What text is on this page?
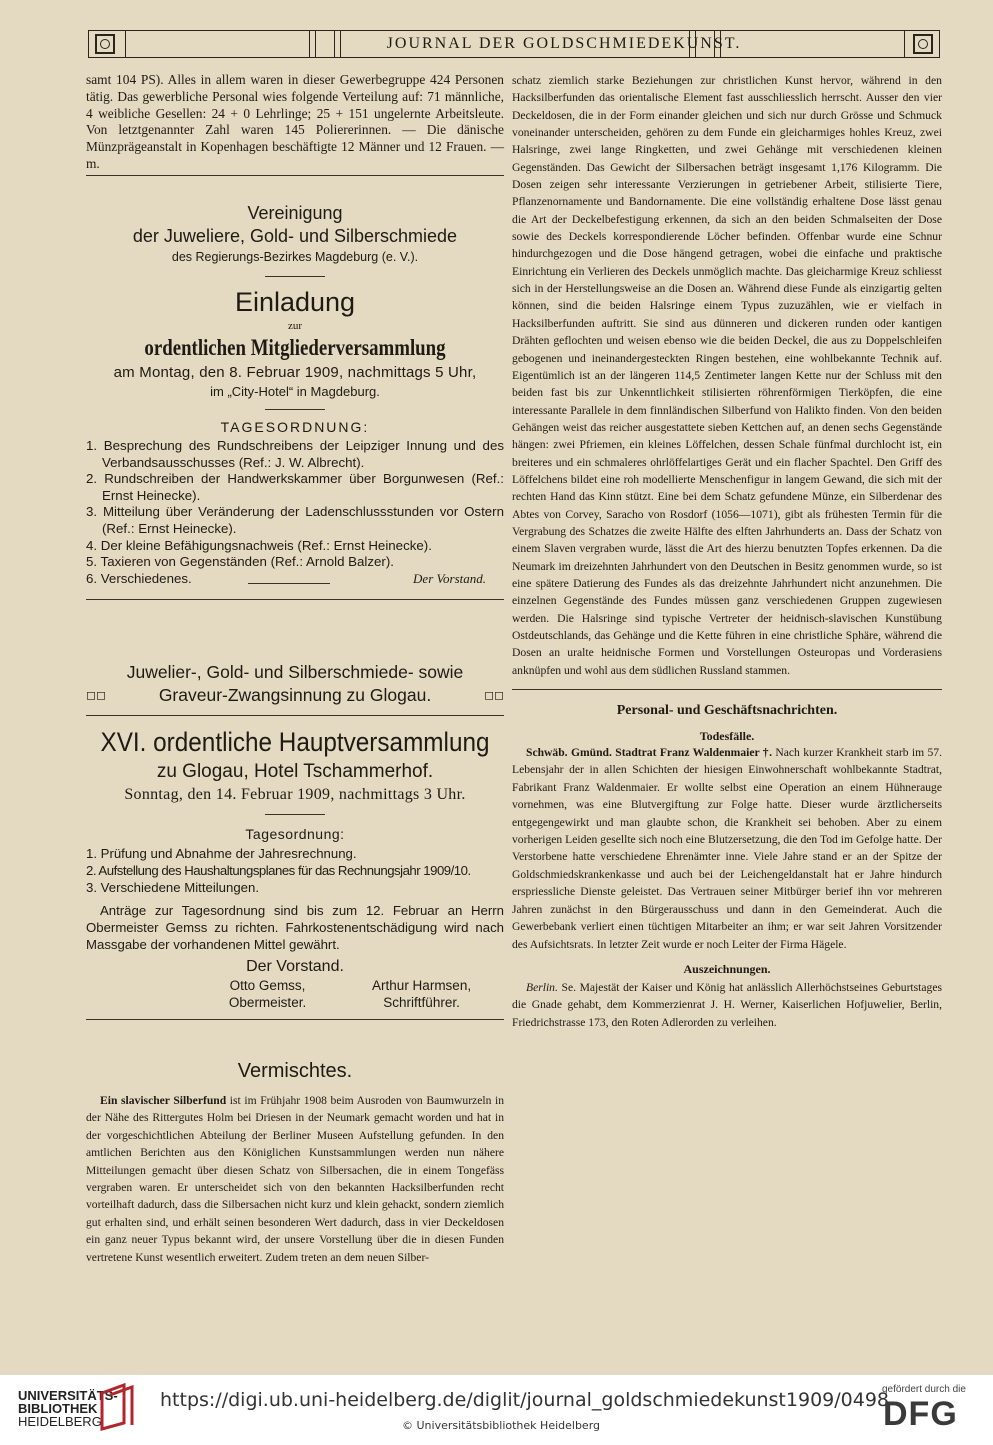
JOURNAL DER GOLDSCHMIEDEKUNST.

samt 104 PS). Alles in allem waren in dieser Gewerbegruppe 424 Personen tätig. Das gewerbliche Personal wies folgende Verteilung auf: 71 männliche, 4 weibliche Gesellen: 24 + 0 Lehrlinge; 25 + 151 ungelernte Arbeitsleute. Von letztgenannter Zahl waren 145 Poliererinnen. — Die dänische Münzprägeanstalt in Kopenhagen beschäftigte 12 Männer und 12 Frauen. —m.

Vereinigung
der Juweliere, Gold- und Silberschmiede
des Regierungs-Bezirkes Magdeburg (e. V.).
Einladung
zur
ordentlichen Mitgliederversammlung
am Montag, den 8. Februar 1909, nachmittags 5 Uhr,
im „City-Hotel“ in Magdeburg.
TAGESORDNUNG:
1. Besprechung des Rundschreibens der Leipziger Innung und des Verbandsausschusses (Ref.: J. W. Albrecht).
2. Rundschreiben der Handwerkskammer über Borgunwesen (Ref.: Ernst Heinecke).
3. Mitteilung über Veränderung der Ladenschlussstunden vor Ostern (Ref.: Ernst Heinecke).
4. Der kleine Befähigungsnachweis (Ref.: Ernst Heinecke).
5. Taxieren von Gegenständen (Ref.: Arnold Balzer).
6. Verschiedenes.	Der Vorstand.
Juwelier-, Gold- und Silberschmiede- sowie
◻◻	Graveur-Zwangsinnung zu Glogau.	◻◻
XVI. ordentliche Hauptversammlung
zu Glogau, Hotel Tschammerhof.
Sonntag, den 14. Februar 1909, nachmittags 3 Uhr.
Tagesordnung:
1. Prüfung und Abnahme der Jahresrechnung.
2. Aufstellung des Haushaltungsplanes für das Rechnungsjahr 1909/10.
3. Verschiedene Mitteilungen.

Anträge zur Tagesordnung sind bis zum 12. Februar an Herrn Obermeister Gemss zu richten. Fahrkostenentschädigung wird nach Massgabe der vorhandenen Mittel gewährt.

Der Vorstand.
Otto Gemss,
Obermeister.
Arthur Harmsen,
Schriftführer.
Vermischtes.

Ein slavischer Silberfund ist im Frühjahr 1908 beim Ausroden von Baumwurzeln in der Nähe des Rittergutes Holm bei Driesen in der Neumark gemacht worden und hat in der vorgeschichtlichen Abteilung der Berliner Museen Aufstellung gefunden. In den amtlichen Berichten aus den Königlichen Kunstsammlungen werden nun nähere Mitteilungen gemacht über diesen Schatz von Silbersachen, die in einem Tongefäss vergraben waren. Er unterscheidet sich von den bekannten Hacksilberfunden recht vorteilhaft dadurch, dass die Silbersachen nicht kurz und klein gehackt, sondern ziemlich gut erhalten sind, und erhält seinen besonderen Wert dadurch, dass in vier Deckeldosen ein ganz neuer Typus bekannt wird, der unsere Vorstellung über die in diesen Funden vertretene Kunst wesentlich erweitert. Zudem treten an dem neuen Silber-

schatz ziemlich starke Beziehungen zur christlichen Kunst hervor, während in den Hacksilberfunden das orientalische Element fast ausschliesslich herrscht. Ausser den vier Deckeldosen, die in der Form einander gleichen und sich nur durch Grösse und Schmuck voneinander unterscheiden, gehören zu dem Funde ein gleicharmiges hohles Kreuz, zwei Halsringe, zwei lange Ringketten, und zwei Gehänge mit verschiedenen kleinen Gegenständen. Das Gewicht der Silbersachen beträgt insgesamt 1,176 Kilogramm. Die Dosen zeigen sehr interessante Verzierungen in getriebener Arbeit, stilisierte Tiere, Pflanzenornamente und Bandornamente. Die eine vollständig erhaltene Dose lässt genau die Art der Deckelbefestigung erkennen, da sich an den beiden Schmalseiten der Dose sowie des Deckels korrespondierende Löcher befinden. Offenbar wurde eine Schnur hindurchgezogen und die Dose hängend getragen, wobei die einfache und praktische Einrichtung ein Verlieren des Deckels unmöglich machte. Das gleicharmige Kreuz schliesst sich in der Herstellungsweise an die Dosen an. Während diese Funde als einzigartig gelten können, sind die beiden Halsringe einem Typus zuzuzählen, wie er vielfach in Hacksilberfunden auftritt. Sie sind aus dünneren und dickeren runden oder kantigen Drähten geflochten und weisen ebenso wie die beiden Deckel, die aus zu Doppelschleifen gebogenen und ineinandergesteckten Ringen bestehen, eine wohlbekannte Technik auf. Eigentümlich ist an der längeren 114,5 Zentimeter langen Kette nur der Schluss mit den beiden fast bis zur Unkenntlichkeit stilisierten röhrenförmigen Tierköpfen, die eine interessante Parallele in dem finnländischen Silberfund von Halikto finden. Von den beiden Gehängen weist das reicher ausgestattete sieben Kettchen auf, an denen sechs Gegenstände hängen: zwei Pfriemen, ein kleines Löffelchen, dessen Schale fünfmal durchlocht ist, ein breiteres und ein schmaleres ohrlöffelartiges Gerät und ein flacher Spachtel. Den Griff des Löffelchens bildet eine roh modellierte Menschenfigur in langem Gewand, die sich mit der rechten Hand das Kinn stützt. Eine bei dem Schatz gefundene Münze, ein Silberdenar des Abtes von Corvey, Saracho von Rosdorf (1056—1071), gibt als frühesten Termin für die Vergrabung des Schatzes die zweite Hälfte des elften Jahrhunderts an. Dass der Schatz von einem Slaven vergraben wurde, lässt die Art des hierzu benutzten Topfes erkennen. Da die Neumark im dreizehnten Jahrhundert von den Deutschen in Besitz genommen wurde, so ist eine spätere Datierung des Fundes als das dreizehnte Jahrhundert nicht anzunehmen. Die einzelnen Gegenstände des Fundes müssen ganz verschiedenen Gruppen zugewiesen werden. Die Halsringe sind typische Vertreter der heidnisch-slavischen Kunstübung Ostdeutschlands, das Gehänge und die Kette führen in eine christliche Sphäre, während die Dosen an uralte heidnische Formen und Vorstellungen Osteuropas und Vorderasiens anknüpfen und wohl aus dem südlichen Russland stammen.

Personal- und Geschäftsnachrichten.
Todesfälle.

Schwäb. Gmünd. Stadtrat Franz Waldenmaier †. Nach kurzer Krankheit starb im 57. Lebensjahr der in allen Schichten der hiesigen Einwohnerschaft wohlbekannte Stadtrat, Fabrikant Franz Waldenmaier. Er wollte selbst eine Operation an einem Hühneraugе vornehmen, was eine Blutvergiftung zur Folge hatte. Dieser wurde ärztlicherseits entgegengewirkt und man glaubte schon, die Krankheit sei behoben. Aber zu einem vorherigen Leiden gesellte sich noch eine Blutzersetzung, die den Tod im Gefolge hatte. Der Verstorbene hatte verschiedene Ehrenämter inne. Viele Jahre stand er an der Spitze der Goldschmiedskrankenkasse und auch bei der Leichengeldanstalt hat er Jahre hindurch erspriessliche Dienste geleistet. Das Vertrauen seiner Mitbürger berief ihn vor mehreren Jahren zunächst in den Bürgerausschuss und dann in den Gemeinderat. Auch die Gewerbebank verliert einen tüchtigen Mitarbeiter an ihm; er war seit Jahren Vorsitzender des Aufsichtsrats. In letzter Zeit wurde er noch Leiter der Firma Hägele.

Auszeichnungen.

Berlin. Se. Majestät der Kaiser und König hat anlässlich Allerhöchstseines Geburtstages die Gnade gehabt, dem Kommerzienrat J. H. Werner, Kaiserlichen Hofjuwelier, Berlin, Friedrichstrasse 173, den Roten Adlerorden zu verleihen.

UNIVERSITÄTS-
BIBLIOTHEK
HEIDELBERG
https://digi.ub.uni-heidelberg.de/diglit/journal_goldschmiedekunst1909/0498
© Universitätsbibliothek Heidelberg
gefördert durch die
DFG
